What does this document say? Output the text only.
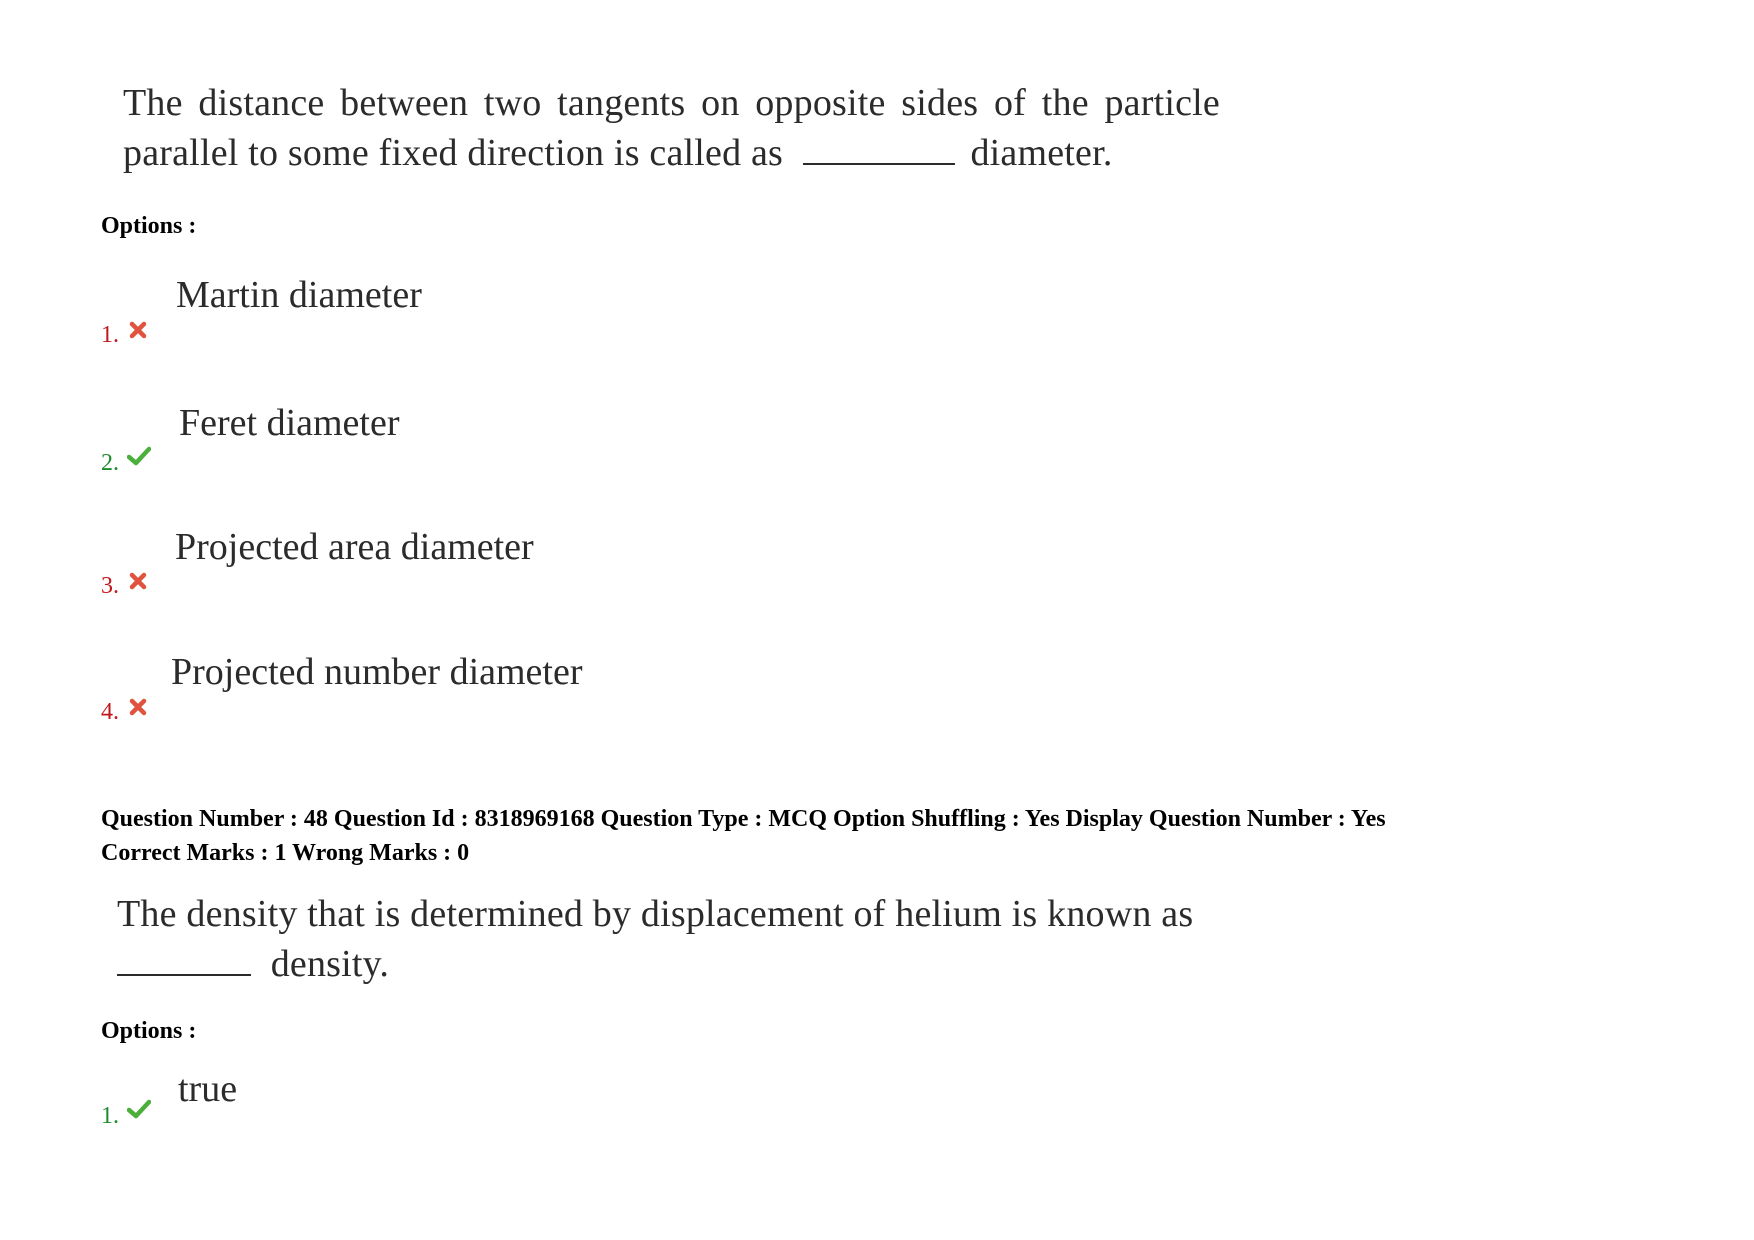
The distance between two tangents on opposite sides of the particle
parallel to some fixed direction is called as	diameter.
Options :
Martin diameter
1.
Feret diameter
2.
Projected area diameter
3.
Projected number diameter
4.
Question Number : 48 Question Id : 8318969168 Question Type : MCQ Option Shuffling : Yes Display Question Number : Yes
Correct Marks : 1 Wrong Marks : 0
The density that is determined by displacement of helium is known as
density.
Options :
true
1.
